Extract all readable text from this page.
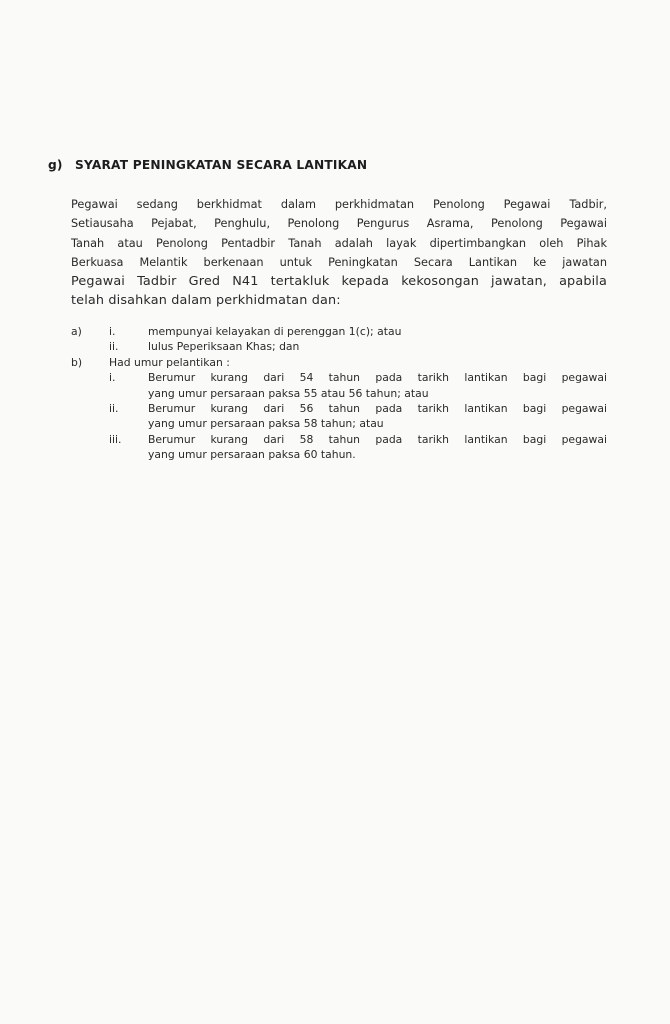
g) SYARAT PENINGKATAN SECARA LANTIKAN
Pegawai sedang berkhidmat dalam perkhidmatan Penolong Pegawai Tadbir,
Setiausaha Pejabat, Penghulu, Penolong Pengurus Asrama, Penolong Pegawai
Tanah atau Penolong Pentadbir Tanah adalah layak dipertimbangkan oleh Pihak
Berkuasa Melantik berkenaan untuk Peningkatan Secara Lantikan ke jawatan
Pegawai Tadbir Gred N41 tertakluk kepada kekosongan jawatan, apabila
telah disahkan dalam perkhidmatan dan:
a)	i.	mempunyai kelayakan di perenggan 1(c); atau
ii.	lulus Peperiksaan Khas; dan
b) Had umur pelantikan :
i.	Berumur kurang dari 54 tahun pada tarikh lantikan bagi pegawai
yang umur persaraan paksa 55 atau 56 tahun; atau
ii.	Berumur kurang dari 56 tahun pada tarikh lantikan bagi pegawai
yang umur persaraan paksa 58 tahun; atau
iii. Berumur kurang dari 58 tahun pada tarikh lantikan bagi pegawai
yang umur persaraan paksa 60 tahun.
